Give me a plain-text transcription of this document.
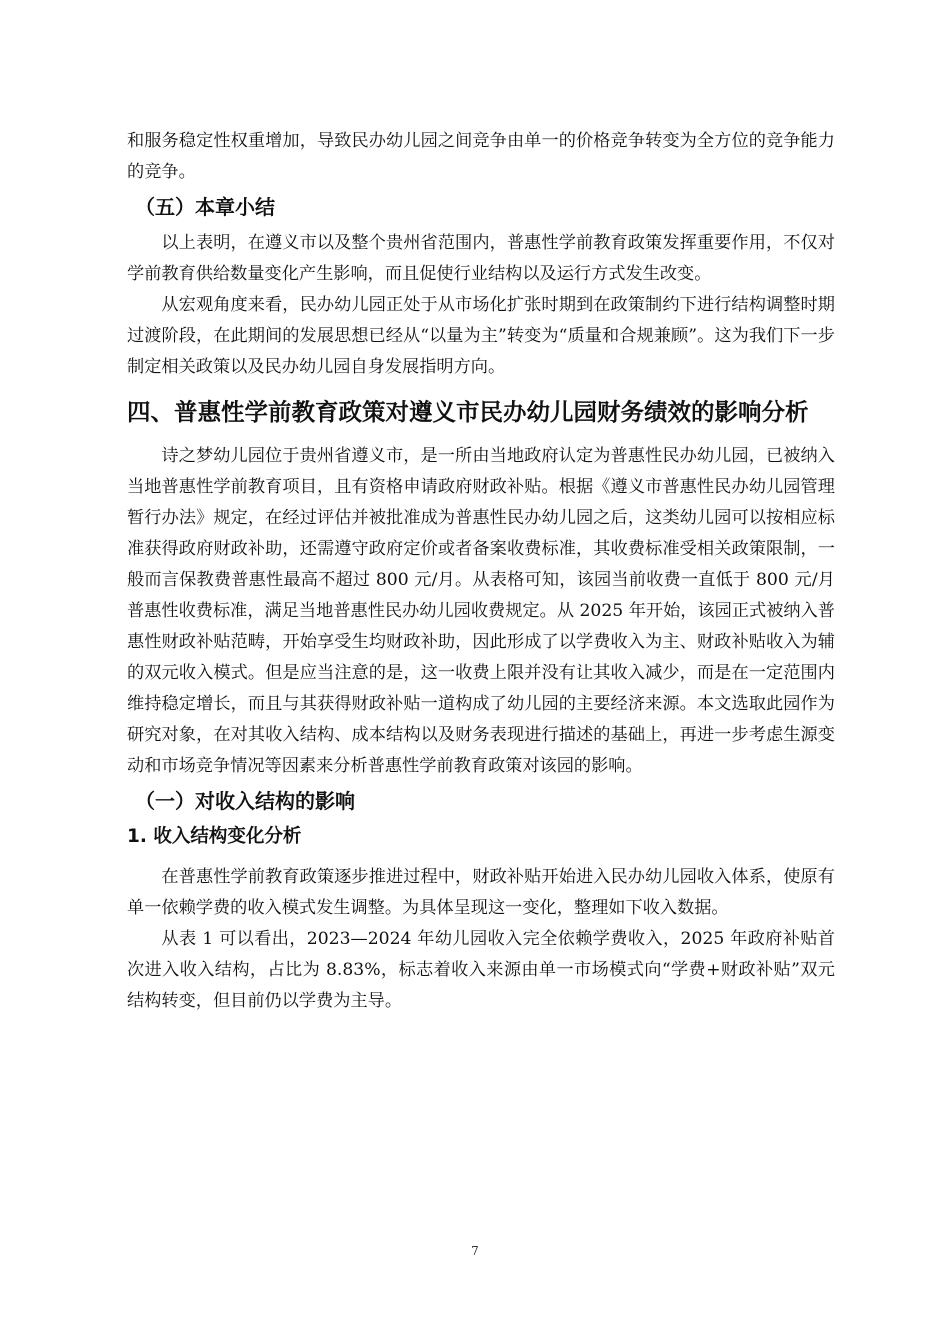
和服务稳定性权重增加，导致民办幼儿园之间竞争由单一的价格竞争转变为全方位的竞争能力的竞争。

（五）本章小结

以上表明，在遵义市以及整个贵州省范围内，普惠性学前教育政策发挥重要作用，不仅对学前教育供给数量变化产生影响，而且促使行业结构以及运行方式发生改变。

从宏观角度来看，民办幼儿园正处于从市场化扩张时期到在政策制约下进行结构调整时期过渡阶段，在此期间的发展思想已经从“以量为主”转变为“质量和合规兼顾”。这为我们下一步制定相关政策以及民办幼儿园自身发展指明方向。

四、普惠性学前教育政策对遵义市民办幼儿园财务绩效的影响分析

诗之梦幼儿园位于贵州省遵义市，是一所由当地政府认定为普惠性民办幼儿园，已被纳入当地普惠性学前教育项目，且有资格申请政府财政补贴。根据《遵义市普惠性民办幼儿园管理暂行办法》规定，在经过评估并被批准成为普惠性民办幼儿园之后，这类幼儿园可以按相应标准获得政府财政补助，还需遵守政府定价或者备案收费标准，其收费标准受相关政策限制，一般而言保教费普惠性最高不超过 800 元/月。从表格可知，该园当前收费一直低于 800 元/月普惠性收费标准，满足当地普惠性民办幼儿园收费规定。从 2025 年开始，该园正式被纳入普惠性财政补贴范畴，开始享受生均财政补助，因此形成了以学费收入为主、财政补贴收入为辅的双元收入模式。但是应当注意的是，这一收费上限并没有让其收入减少，而是在一定范围内维持稳定增长，而且与其获得财政补贴一道构成了幼儿园的主要经济来源。本文选取此园作为研究对象，在对其收入结构、成本结构以及财务表现进行描述的基础上，再进一步考虑生源变动和市场竞争情况等因素来分析普惠性学前教育政策对该园的影响。

（一）对收入结构的影响
1. 收入结构变化分析

在普惠性学前教育政策逐步推进过程中，财政补贴开始进入民办幼儿园收入体系，使原有单一依赖学费的收入模式发生调整。为具体呈现这一变化，整理如下收入数据。

从表 1 可以看出，2023—2024 年幼儿园收入完全依赖学费收入，2025 年政府补贴首次进入收入结构，占比为 8.83%，标志着收入来源由单一市场模式向“学费+财政补贴”双元结构转变，但目前仍以学费为主导。

7
